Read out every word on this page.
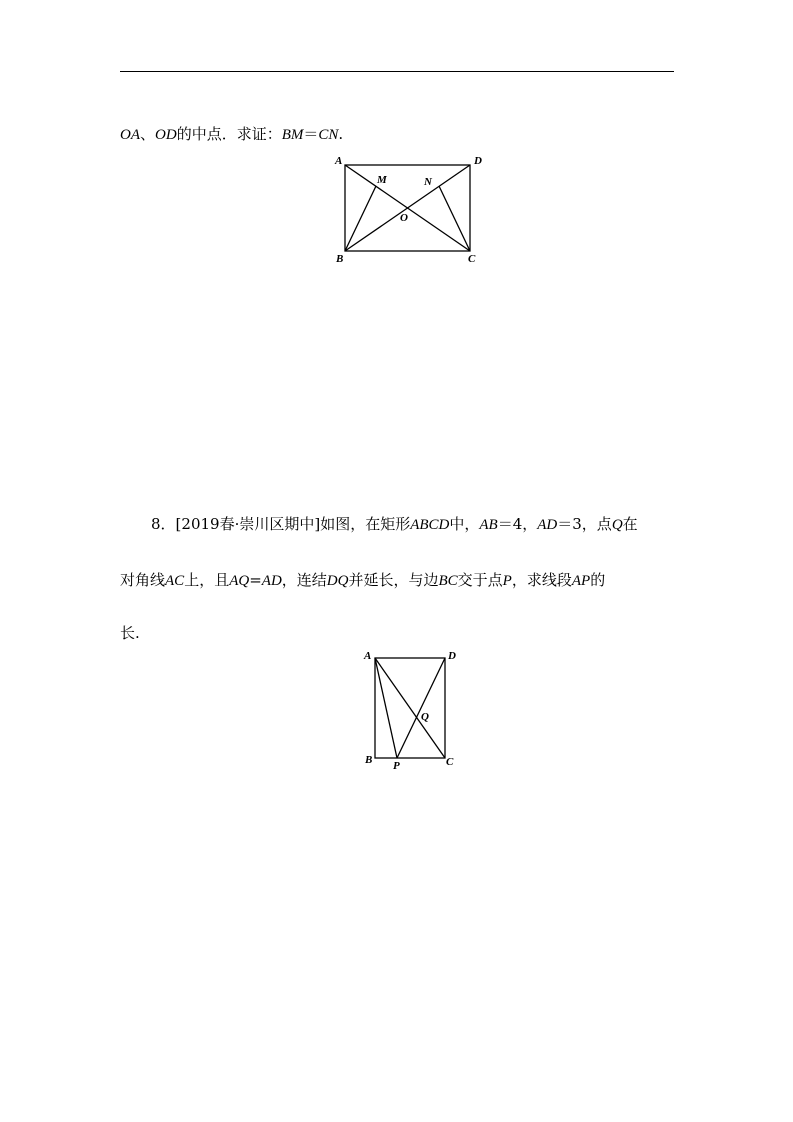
OA、OD的中点．求证：BM＝CN.
A	D
M	N
O
B	C
8．[2019春·崇川区期中]如图，在矩形ABCD中，AB＝4，AD＝3，点Q在
对角线AC上，且AQ=AD，连结DQ并延长，与边BC交于点P，求线段AP的
长.
A	D
Q
B P	C
